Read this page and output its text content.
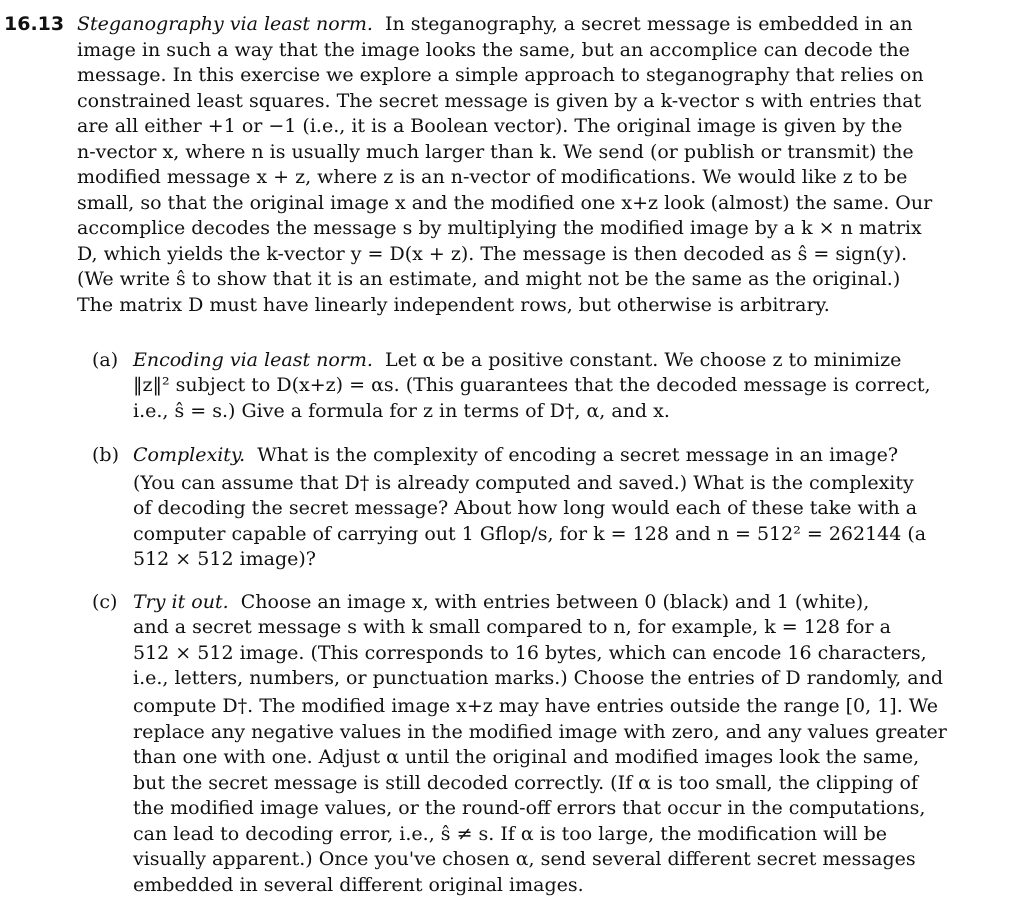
16.13 Steganography via least norm. In steganography, a secret message is embedded in an
image in such a way that the image looks the same, but an accomplice can decode the
message. In this exercise we explore a simple approach to steganography that relies on
constrained least squares. The secret message is given by a k-vector s with entries that
are all either +1 or −1 (i.e., it is a Boolean vector). The original image is given by the
n-vector x, where n is usually much larger than k. We send (or publish or transmit) the
modified message x + z, where z is an n-vector of modifications. We would like z to be
small, so that the original image x and the modified one x+z look (almost) the same. Our
accomplice decodes the message s by multiplying the modified image by a k × n matrix
D, which yields the k-vector y = D(x + z). The message is then decoded as ŝ = sign(y).
(We write ŝ to show that it is an estimate, and might not be the same as the original.)
The matrix D must have linearly independent rows, but otherwise is arbitrary.
(a) Encoding via least norm. Let α be a positive constant. We choose z to minimize
‖z‖² subject to D(x+z) = αs. (This guarantees that the decoded message is correct,
i.e., ŝ = s.) Give a formula for z in terms of D†, α, and x.
(b) Complexity. What is the complexity of encoding a secret message in an image?
(You can assume that D† is already computed and saved.) What is the complexity
of decoding the secret message? About how long would each of these take with a
computer capable of carrying out 1 Gflop/s, for k = 128 and n = 512² = 262144 (a
512 × 512 image)?
(c) Try it out. Choose an image x, with entries between 0 (black) and 1 (white),
and a secret message s with k small compared to n, for example, k = 128 for a
512 × 512 image. (This corresponds to 16 bytes, which can encode 16 characters,
i.e., letters, numbers, or punctuation marks.) Choose the entries of D randomly, and
compute D†. The modified image x+z may have entries outside the range [0, 1]. We
replace any negative values in the modified image with zero, and any values greater
than one with one. Adjust α until the original and modified images look the same,
but the secret message is still decoded correctly. (If α is too small, the clipping of
the modified image values, or the round-off errors that occur in the computations,
can lead to decoding error, i.e., ŝ ≠ s. If α is too large, the modification will be
visually apparent.) Once you've chosen α, send several different secret messages
embedded in several different original images.
